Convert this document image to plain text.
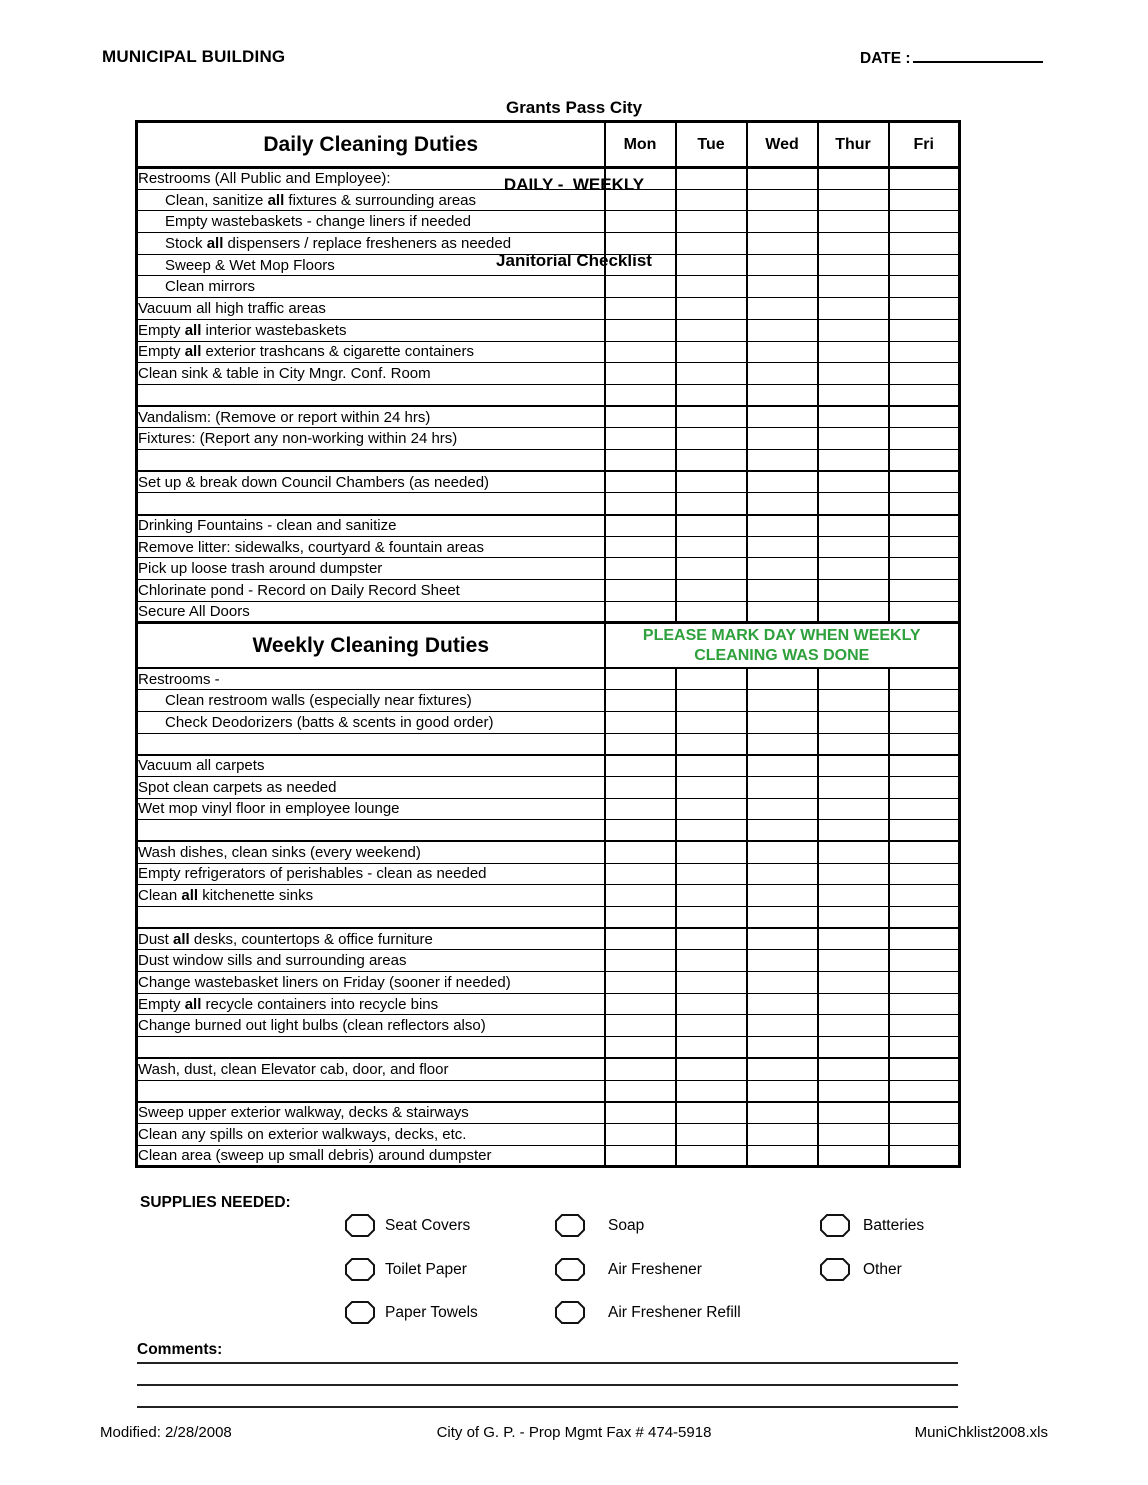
MUNICIPAL BUILDING

Grants Pass City

DAILY -  WEEKLY

Janitorial Checklist

DATE :
Daily Cleaning Duties	Mon	Tue	Wed	Thur	Fri
Restrooms (All Public and Employee):					
Clean, sanitize all fixtures & surrounding areas					
Empty wastebaskets - change liners if needed					
Stock all dispensers / replace fresheners as needed					
Sweep & Wet Mop Floors					
Clean mirrors					
Vacuum all high traffic areas					
Empty all interior wastebaskets					
Empty all exterior trashcans & cigarette containers					
Clean sink & table in City Mngr. Conf. Room					

Vandalism: (Remove or report within 24 hrs)					
Fixtures: (Report any non-working within 24 hrs)					

Set up & break down Council Chambers (as needed)					

Drinking Fountains - clean and sanitize					
Remove litter: sidewalks, courtyard & fountain areas					
Pick up loose trash around dumpster					
Chlorinate pond - Record on Daily Record Sheet					
Secure All Doors					
Weekly Cleaning Duties	PLEASE MARK DAY WHEN WEEKLY
CLEANING WAS DONE				

Restrooms -					
Clean restroom walls (especially near fixtures)					
Check Deodorizers (batts & scents in good order)					

Vacuum all carpets					
Spot clean carpets as needed					
Wet mop vinyl floor in employee lounge					

Wash dishes, clean sinks (every weekend)					
Empty refrigerators of perishables - clean as needed					
Clean all kitchenette sinks					

Dust all desks, countertops & office furniture					
Dust window sills and surrounding areas					
Change wastebasket liners on Friday (sooner if needed)					
Empty all recycle containers into recycle bins					
Change burned out light bulbs (clean reflectors also)					

Wash, dust, clean Elevator cab, door, and floor					

Sweep upper exterior walkway, decks & stairways					
Clean any spills on exterior walkways, decks, etc.					
Clean area (sweep up small debris) around dumpster					
SUPPLIES NEEDED:
Seat Covers
Toilet Paper
Paper Towels
Soap
Air Freshener
Air Freshener Refill
Batteries
Other
Comments:
Modified: 2/28/2008	City of G. P. - Prop Mgmt Fax # 474-5918	MuniChklist2008.xls
